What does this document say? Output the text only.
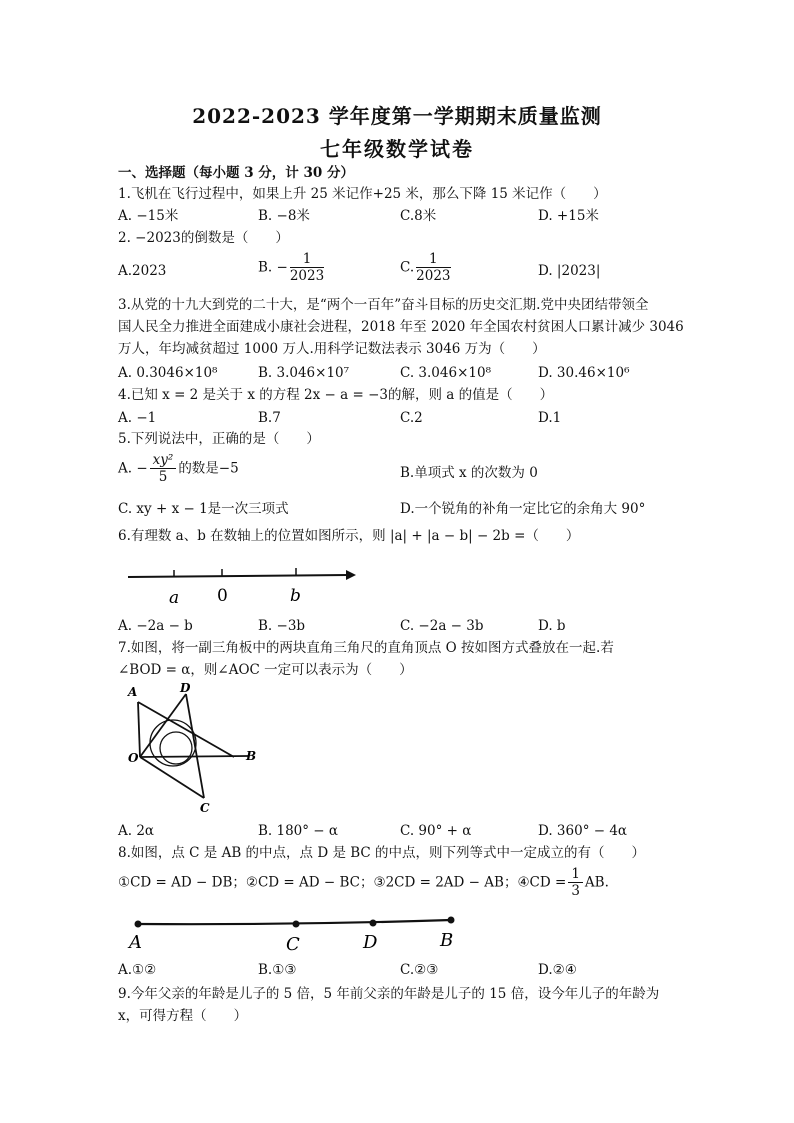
2022-2023 学年度第一学期期末质量监测
七年级数学试卷
一、选择题（每小题 3 分，计 30 分）
1.飞机在飞行过程中，如果上升 25 米记作+25 米，那么下降 15 米记作（　　）
A. −15米	B. −8米	C.8米	D. +15米
2. −2023的倒数是（　　）
A.2023	B. − $\frac{1}{2023}$	C. $\frac{1}{2023}$	D. |2023|
3.从党的十九大到党的二十大，是“两个一百年”奋斗目标的历史交汇期.党中央团结带领全
国人民全力推进全面建成小康社会进程，2018 年至 2020 年全国农村贫困人口累计减少 3046
万人，年均减贫超过 1000 万人.用科学记数法表示 3046 万为（　　）
A. 0.3046×10⁸	B. 3.046×10⁷	C. 3.046×10⁸	D. 30.46×10⁶
4.已知 x = 2 是关于 x 的方程 2x − a = −3的解，则 a 的值是（　　）
A. −1	B.7	C.2	D.1
5.下列说法中，正确的是（　　）
A. − $\frac{\text{xy²}}{5}$ 的数是−5	B.单项式 x 的次数为 0
C. xy + x − 1是一次三项式	D.一个锐角的补角一定比它的余角大 90°
6.有理数 a、b 在数轴上的位置如图所示，则 |a| + |a − b| − 2b =（　　）
a 0	b
A. −2a − b	B. −3b	C. −2a − 3b	D. b
7.如图，将一副三角板中的两块直角三角尺的直角顶点 O 按如图方式叠放在一起.若
∠BOD = α，则∠AOC 一定可以表示为（　　）
A	D
O	B
C
A. 2α	B. 180° − α	C. 90° + α	D. 360° − 4α
8.如图，点 C 是 AB 的中点，点 D 是 BC 的中点，则下列等式中一定成立的有（　　）
①CD = AD − DB；②CD = AD − BC；③2CD = 2AD − AB；④CD = $\frac{1}{3}$ AB.
A	C	D	B
A.①②	B.①③	C.②③	D.②④
9.今年父亲的年龄是儿子的 5 倍，5 年前父亲的年龄是儿子的 15 倍，设今年儿子的年龄为
x，可得方程（　　）
